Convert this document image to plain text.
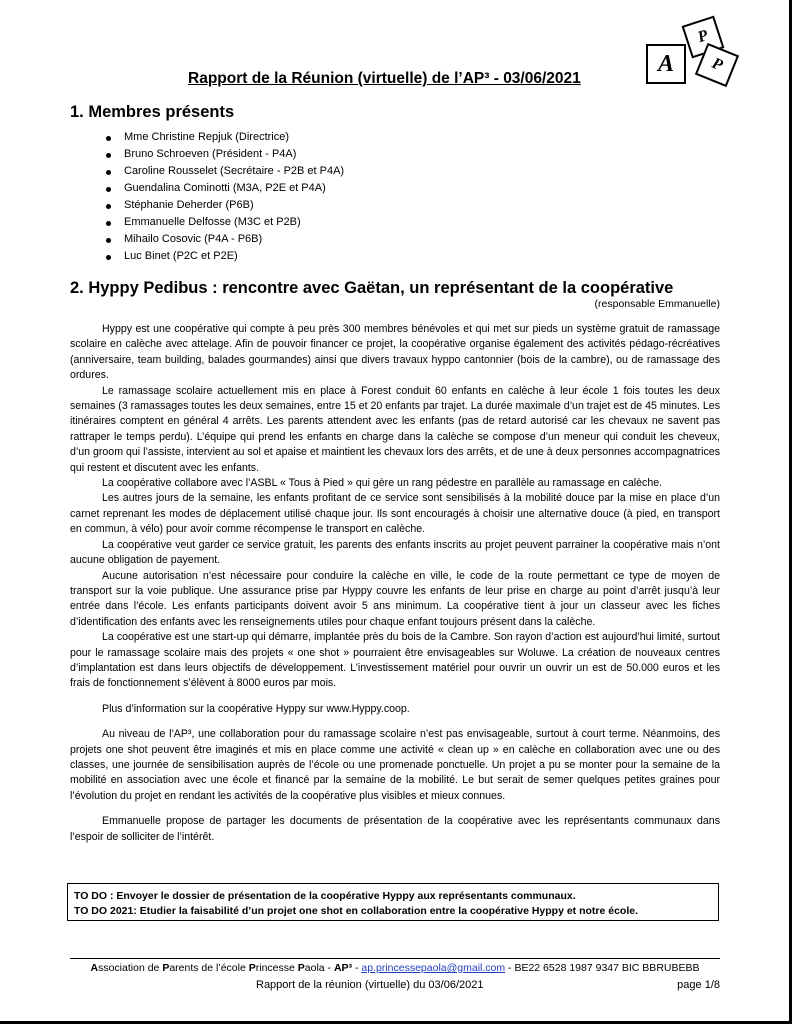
P
P
A
Rapport de la Réunion (virtuelle) de l’AP³ - 03/06/2021
1. Membres présents
Mme Christine Repjuk (Directrice)
Bruno Schroeven (Président - P4A)
Caroline Rousselet (Secrétaire - P2B et P4A)
Guendalina Cominotti (M3A, P2E et P4A)
Stéphanie Deherder (P6B)
Emmanuelle Delfosse (M3C et P2B)
Mihailo Cosovic (P4A - P6B)
Luc Binet (P2C et P2E)
2. Hyppy Pedibus : rencontre avec Gaëtan, un représentant de la coopérative
(responsable Emmanuelle)

Hyppy est une coopérative qui compte à peu près 300 membres bénévoles et qui met sur pieds un système gratuit de ramassage scolaire en calèche avec attelage. Afin de pouvoir financer ce projet, la coopérative organise également des activités pédago-récréatives (anniversaire, team building, balades gourmandes) ainsi que divers travaux hyppo cantonnier (bois de la cambre), ou de ramassage des ordures.

Le ramassage scolaire actuellement mis en place à Forest conduit 60 enfants en calèche à leur école 1 fois toutes les deux semaines (3 ramassages toutes les deux semaines, entre 15 et 20 enfants par trajet. La durée maximale d’un trajet est de 45 minutes. Les itinéraires comptent en général 4 arrêts. Les parents attendent avec les enfants (pas de retard autorisé car les chevaux ne savent pas rattraper le temps perdu). L’équipe qui prend les enfants en charge dans la calèche se compose d’un meneur qui conduit les cheveux, d’un groom qui l’assiste, intervient au sol et apaise et maintient les chevaux lors des arrêts, et de une à deux personnes accompagnatrices qui restent et discutent avec les enfants.

La coopérative collabore avec l’ASBL « Tous à Pied » qui gère un rang pédestre en parallèle au ramassage en calèche.

Les autres jours de la semaine, les enfants profitant de ce service sont sensibilisés à la mobilité douce par la mise en place d’un carnet reprenant les modes de déplacement utilisé chaque jour. Ils sont encouragés à choisir une alternative douce (à pied, en transport en commun, à vélo) pour avoir comme récompense le transport en calèche.

La coopérative veut garder ce service gratuit, les parents des enfants inscrits au projet peuvent parrainer la coopérative mais n’ont aucune obligation de payement.

Aucune autorisation n’est nécessaire pour conduire la calèche en ville, le code de la route permettant ce type de moyen de transport sur la voie publique. Une assurance prise par Hyppy couvre les enfants de leur prise en charge au point d’arrêt jusqu’à leur entrée dans l’école. Les enfants participants doivent avoir 5 ans minimum. La coopérative tient à jour un classeur avec les fiches d’identification des enfants avec les renseignements utiles pour chaque enfant toujours présent dans la calèche.

La coopérative est une start-up qui démarre, implantée près du bois de la Cambre. Son rayon d’action est aujourd’hui limité, surtout pour le ramassage scolaire mais des projets « one shot » pourraient être envisageables sur Woluwe. La création de nouveaux centres d’implantation est dans leurs objectifs de développement. L’investissement matériel pour ouvrir un ouvrir un est de 50.000 euros et les frais de fonctionnement s’élèvent à 8000 euros par mois.

Plus d’information sur la coopérative Hyppy sur www.Hyppy.coop.

Au niveau de l’AP³, une collaboration pour du ramassage scolaire n’est pas envisageable, surtout à court terme. Néanmoins, des projets one shot peuvent être imaginés et mis en place comme une activité « clean up » en calèche en collaboration avec une ou des classes, une journée de sensibilisation auprès de l’école ou une promenade ponctuelle. Un projet a pu se monter pour la semaine de la mobilité en association avec une école et financé par la semaine de la mobilité. Le but serait de semer quelques petites graines pour l’évolution du projet en rendant les activités de la coopérative plus visibles et mieux connues.

Emmanuelle propose de partager les documents de présentation de la coopérative avec les représentants communaux dans l’espoir de solliciter de l’intérêt.

TO DO : Envoyer le dossier de présentation de la coopérative Hyppy aux représentants communaux.
TO DO 2021: Etudier la faisabilité d’un projet one shot en collaboration entre la coopérative Hyppy et notre école.
Association de Parents de l’école Princesse Paola - AP³ - ap.princessepaola@gmail.com - BE22 6528 1987 9347 BIC BBRUBEBB
Rapport de la réunion (virtuelle) du 03/06/2021	page 1/8
